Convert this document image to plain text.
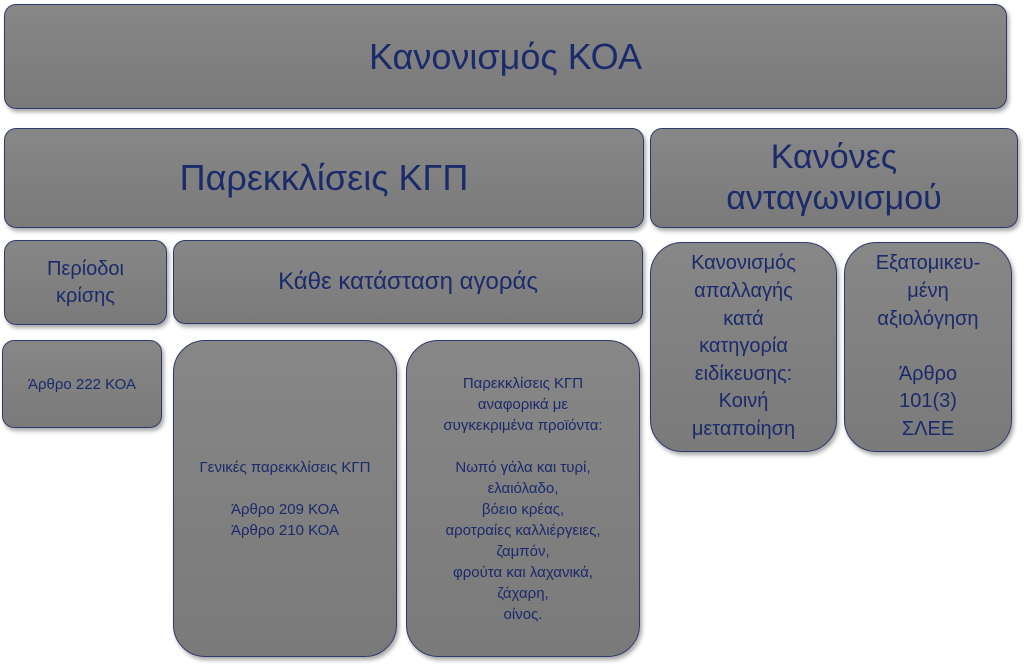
Κανονισμός ΚΟΑ
Παρεκκλίσεις ΚΓΠ	Κανόνες
ανταγωνισμού
Περίοδοι
κρίσης
Κάθε κατάσταση αγοράς
Άρθρο 222 ΚΟΑ
Γενικές παρεκκλίσεις ΚΓΠ

Άρθρο 209 ΚΟΑ
Άρθρο 210 ΚΟΑ
Παρεκκλίσεις ΚΓΠ
αναφορικά με
συγκεκριμένα προϊόντα:

Νωπό γάλα και τυρί,
ελαιόλαδο,
βόειο κρέας,
αροτραίες καλλιέργειες,
ζαμπόν,
φρούτα και λαχανικά,
ζάχαρη,
οίνος.
Κανονισμός
απαλλαγής
κατά
κατηγορία
ειδίκευσης:
Κοινή
μεταποίηση
Εξατομικευ-
μένη
αξιολόγηση

Άρθρο
101(3)
ΣΛΕΕ
